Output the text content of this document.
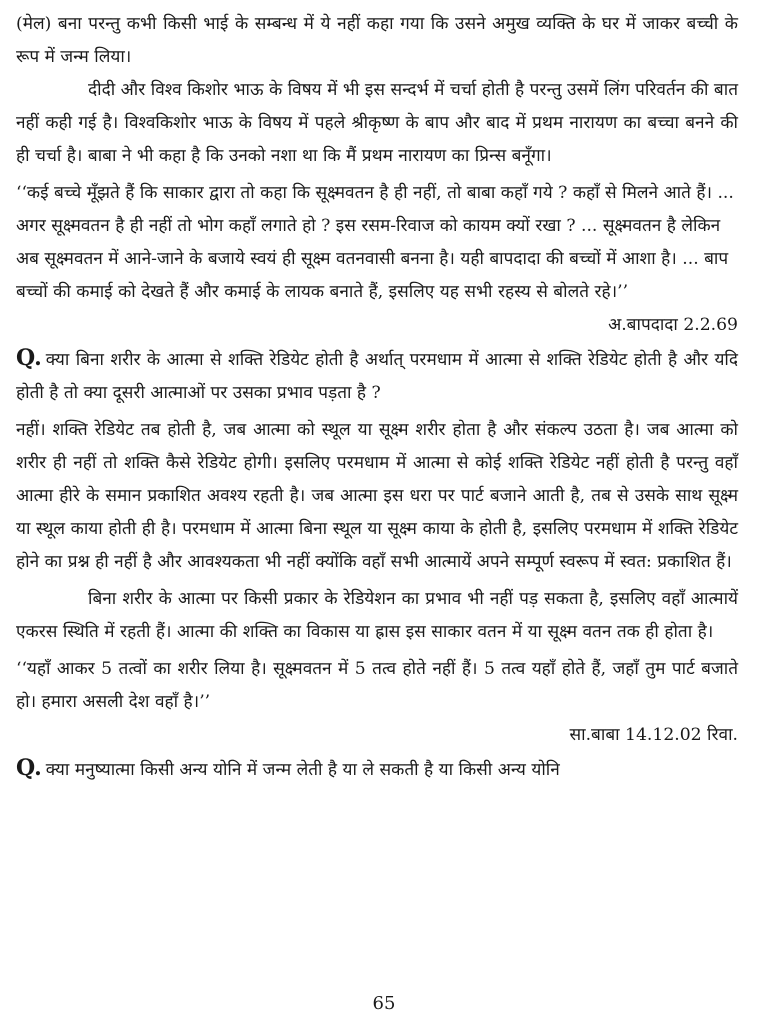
(मेल) बना परन्तु कभी किसी भाई के सम्बन्ध में ये नहीं कहा गया कि उसने अमुख व्यक्ति के घर में जाकर बच्ची के रूप में जन्म लिया।

दीदी और विश्व किशोर भाऊ के विषय में भी इस सन्दर्भ में चर्चा होती है परन्तु उसमें लिंग परिवर्तन की बात नहीं कही गई है। विश्वकिशोर भाऊ के विषय में पहले श्रीकृष्ण के बाप और बाद में प्रथम नारायण का बच्चा बनने की ही चर्चा है। बाबा ने भी कहा है कि उनको नशा था कि मैं प्रथम नारायण का प्रिन्स बनूँगा।

‘‘कई बच्चे मूँझते हैं कि साकार द्वारा तो कहा कि सूक्ष्मवतन है ही नहीं, तो बाबा कहाँ गये ? कहाँ से मिलने आते हैं। ... अगर सूक्ष्मवतन है ही नहीं तो भोग कहाँ लगाते हो ? इस रसम-रिवाज को कायम क्यों रखा ? ... सूक्ष्मवतन है लेकिन अब सूक्ष्मवतन में आने-जाने के बजाये स्वयं ही सूक्ष्म वतनवासी बनना है। यही बापदादा की बच्चों में आशा है। ... बाप बच्चों की कमाई को देखते हैं और कमाई के लायक बनाते हैं, इसलिए यह सभी रहस्य से बोलते रहे।’’

अ.बापदादा 2.2.69

Q. क्या बिना शरीर के आत्मा से शक्ति रेडियेट होती है अर्थात् परमधाम में आत्मा से शक्ति रेडियेट होती है और यदि होती है तो क्या दूसरी आत्माओं पर उसका प्रभाव पड़ता है ?

नहीं। शक्ति रेडियेट तब होती है, जब आत्मा को स्थूल या सूक्ष्म शरीर होता है और संकल्प उठता है। जब आत्मा को शरीर ही नहीं तो शक्ति कैसे रेडियेट होगी। इसलिए परमधाम में आत्मा से कोई शक्ति रेडियेट नहीं होती है परन्तु वहाँ आत्मा हीरे के समान प्रकाशित अवश्य रहती है। जब आत्मा इस धरा पर पार्ट बजाने आती है, तब से उसके साथ सूक्ष्म या स्थूल काया होती ही है। परमधाम में आत्मा बिना स्थूल या सूक्ष्म काया के होती है, इसलिए परमधाम में शक्ति रेडियेट होने का प्रश्न ही नहीं है और आवश्यकता भी नहीं क्योंकि वहाँ सभी आत्मायें अपने सम्पूर्ण स्वरूप में स्वत: प्रकाशित हैं।

बिना शरीर के आत्मा पर किसी प्रकार के रेडियेशन का प्रभाव भी नहीं पड़ सकता है, इसलिए वहाँ आत्मायें एकरस स्थिति में रहती हैं। आत्मा की शक्ति का विकास या ह्रास इस साकार वतन में या सूक्ष्म वतन तक ही होता है।

‘‘यहाँ आकर 5 तत्वों का शरीर लिया है। सूक्ष्मवतन में 5 तत्व होते नहीं हैं। 5 तत्व यहाँ होते हैं, जहाँ तुम पार्ट बजाते हो। हमारा असली देश वहाँ है।’’

सा.बाबा 14.12.02 रिवा.

Q. क्या मनुष्यात्मा किसी अन्य योनि में जन्म लेती है या ले सकती है या किसी अन्य योनि

65
